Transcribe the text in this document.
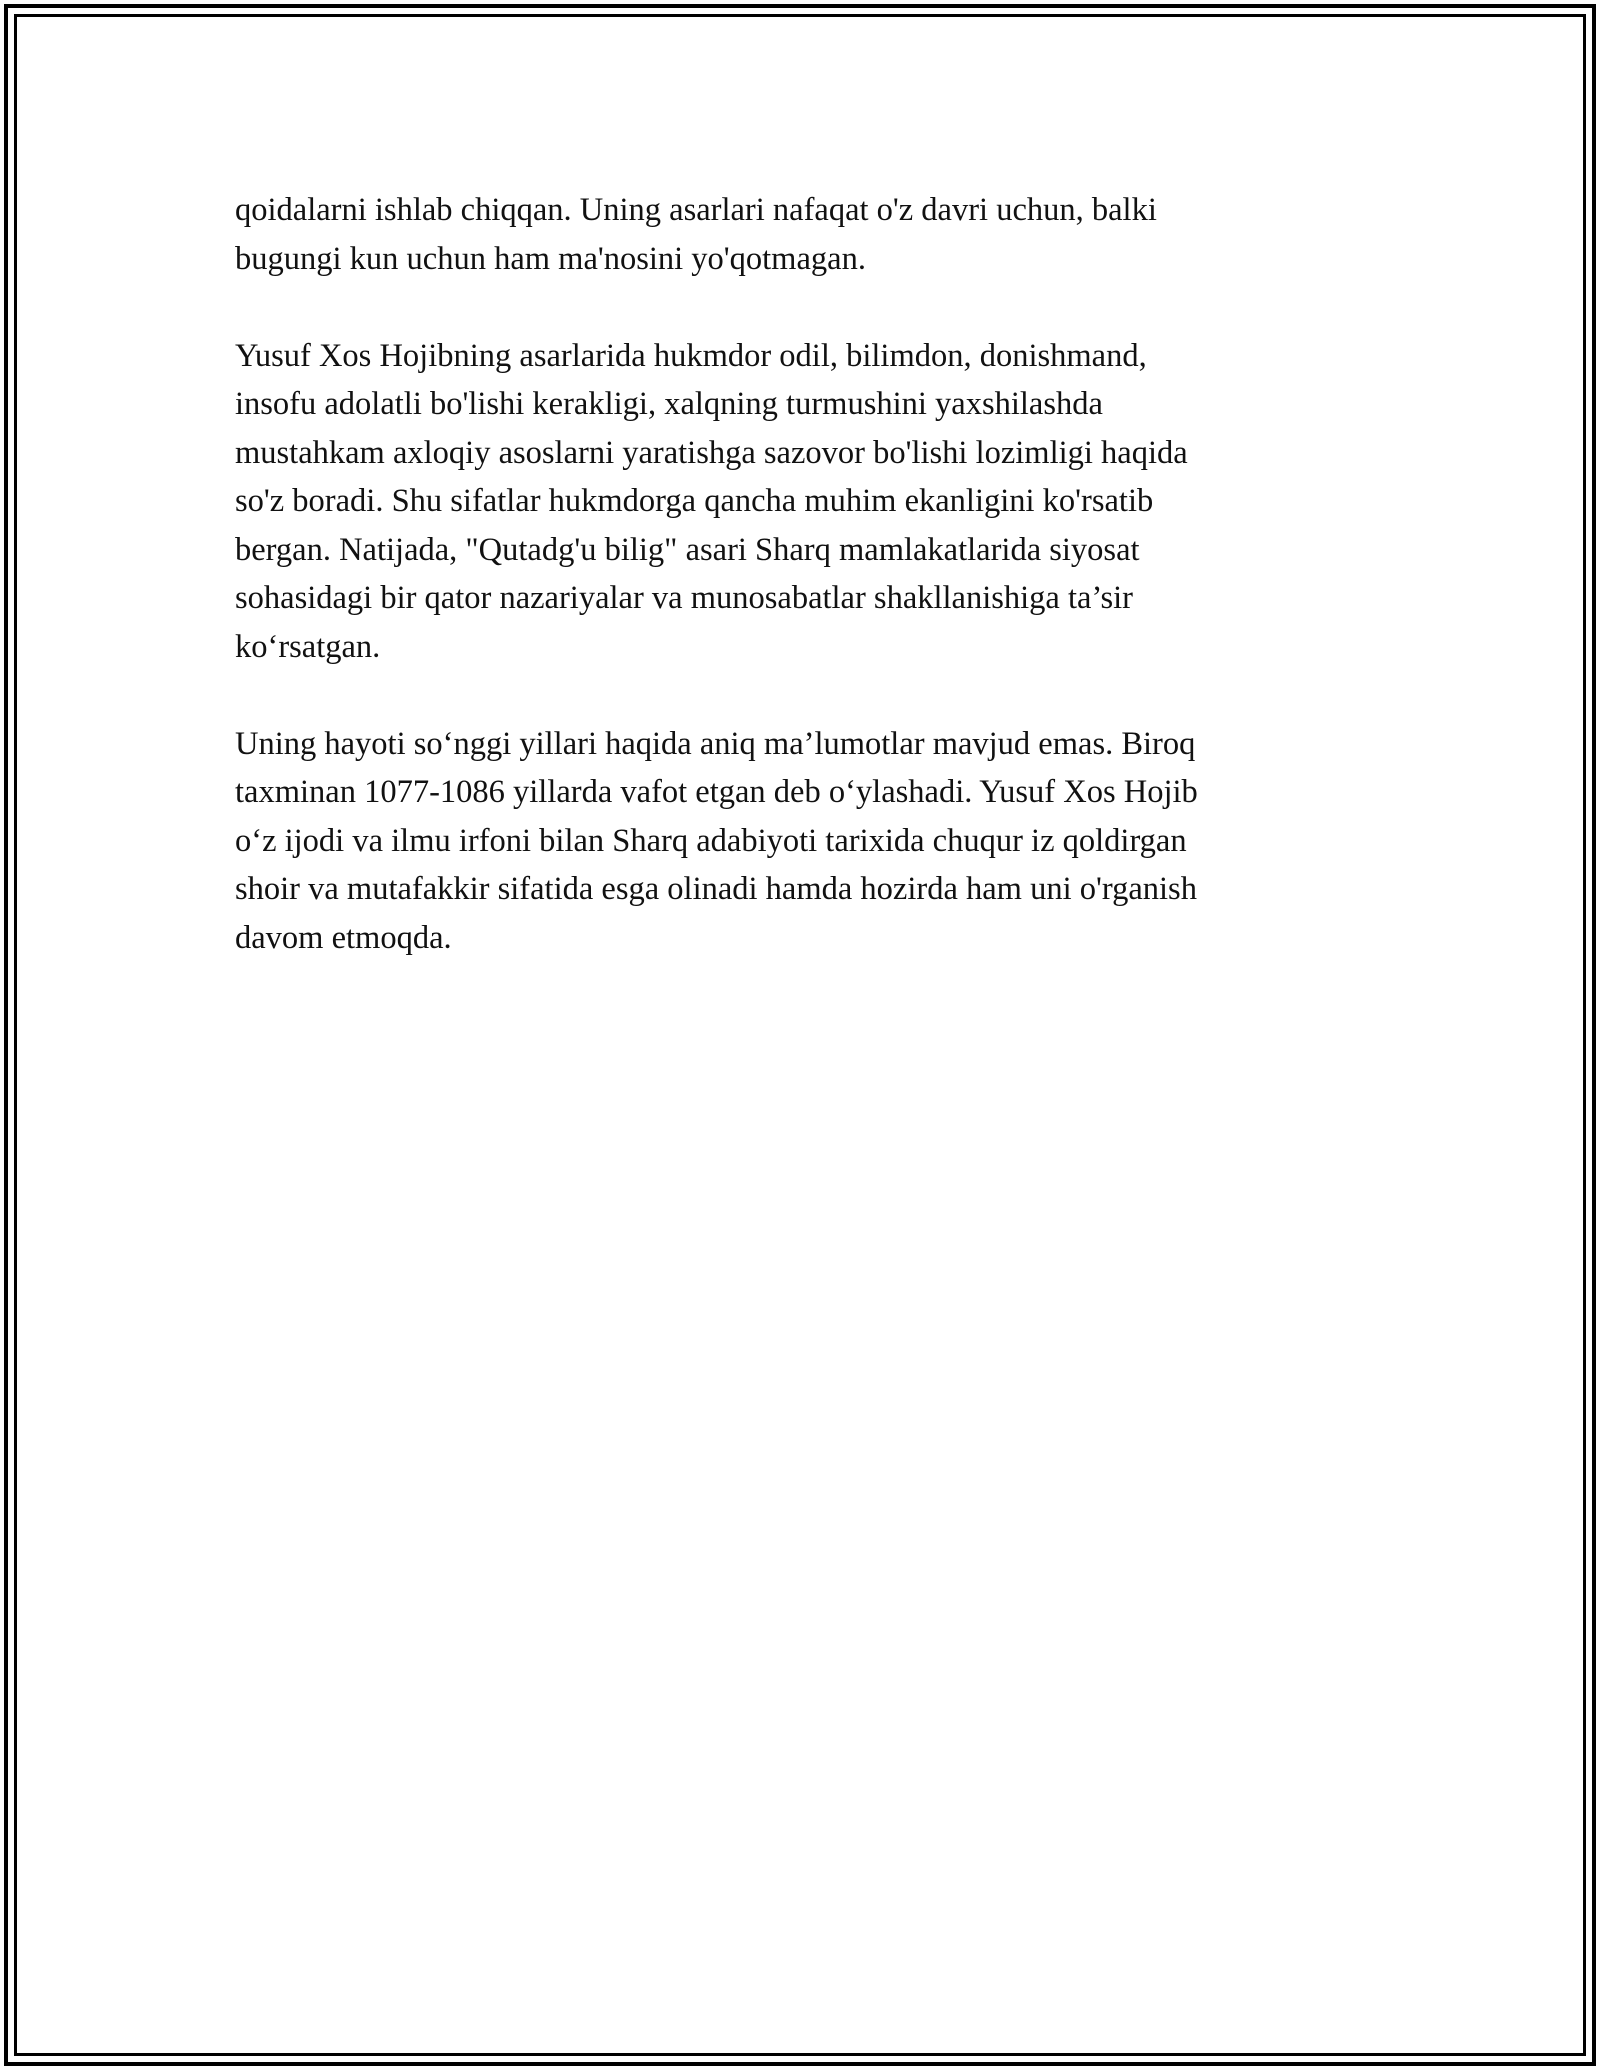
qoidalarni ishlab chiqqan. Uning asarlari nafaqat o'z davri uchun, balki
bugungi kun uchun ham ma'nosini yo'qotmagan.

Yusuf Xos Hojibning asarlarida hukmdor odil, bilimdon, donishmand,
insofu adolatli bo'lishi kerakligi, xalqning turmushini yaxshilashda
mustahkam axloqiy asoslarni yaratishga sazovor bo'lishi lozimligi haqida
so'z boradi. Shu sifatlar hukmdorga qancha muhim ekanligini ko'rsatib
bergan. Natijada, "Qutadg'u bilig" asari Sharq mamlakatlarida siyosat
sohasidagi bir qator nazariyalar va munosabatlar shakllanishiga ta’sir
ko‘rsatgan.

Uning hayoti so‘nggi yillari haqida aniq ma’lumotlar mavjud emas. Biroq
taxminan 1077-1086 yillarda vafot etgan deb o‘ylashadi. Yusuf Xos Hojib
o‘z ijodi va ilmu irfoni bilan Sharq adabiyoti tarixida chuqur iz qoldirgan
shoir va mutafakkir sifatida esga olinadi hamda hozirda ham uni o'rganish
davom etmoqda.
